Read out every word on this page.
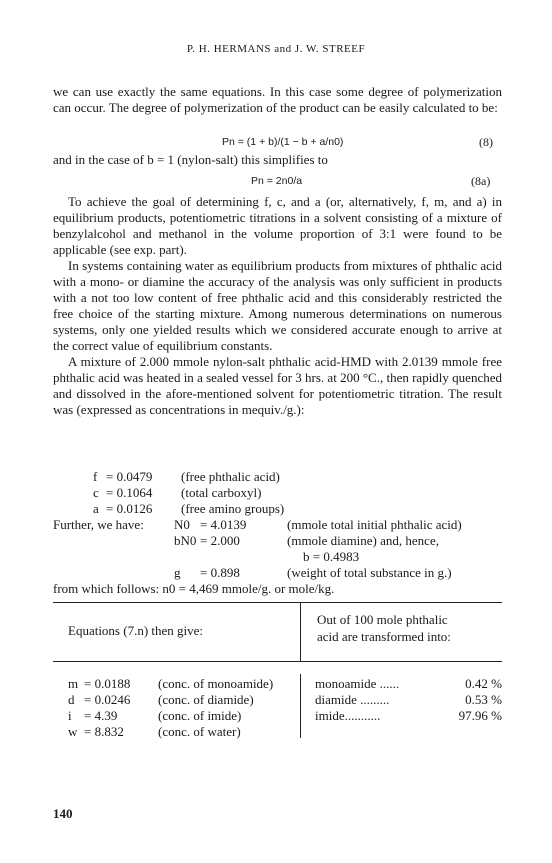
P. H. HERMANS and J. W. STREEF

we can use exactly the same equations. In this case some degree of polymerization can occur. The degree of polymerization of the product can be easily calculated to be:

Pn = (1 + b)/(1 − b + a/n0)	(8)

and in the case of b = 1 (nylon-salt) this simplifies to

Pn = 2n0/a	(8a)

To achieve the goal of determining f, c, and a (or, alternatively, f, m, and a) in equilibrium products, potentiometric titrations in a solvent consisting of a mixture of benzylalcohol and methanol in the volume proportion of 3:1 were found to be applicable (see exp. part).

In systems containing water as equilibrium products from mixtures of phthalic acid with a mono- or diamine the accuracy of the analysis was only sufficient in products with a not too low content of free phthalic acid and this considerably restricted the free choice of the starting mixture. Among numerous determinations on numerous systems, only one yielded results which we considered accurate enough to arrive at the correct value of equilibrium constants.

A mixture of 2.000 mmole nylon-salt phthalic acid-HMD with 2.0139 mmole free phthalic acid was heated in a sealed vessel for 3 hrs. at 200 °C., then rapidly quenched and dissolved in the afore-mentioned solvent for potentiometric titration. The result was (expressed as concentrations in mequiv./g.):

f = 0.0479 (free phthalic acid)
c = 0.1064 (total carboxyl)
a = 0.0126 (free amino groups)
Further, we have: N0 = 4.0139	(mmole total initial phthalic acid)
bN0 = 2.000	(mmole diamine) and, hence,
b = 0.4983
g = 0.898	(weight of total substance in g.)
from which follows: n0 = 4,469 mmole/g. or mole/kg.
Equations (7.n) then give:
Out of 100 mole phthalic
acid are transformed into:
m = 0.0188 (conc. of monoamide)
d = 0.0246 (conc. of diamide)
i = 4.39	(conc. of imide)
w = 8.832	(conc. of water)
monoamide ......	0.42 %
diamide .........	0.53 %
imide...........	97.96 %
140
